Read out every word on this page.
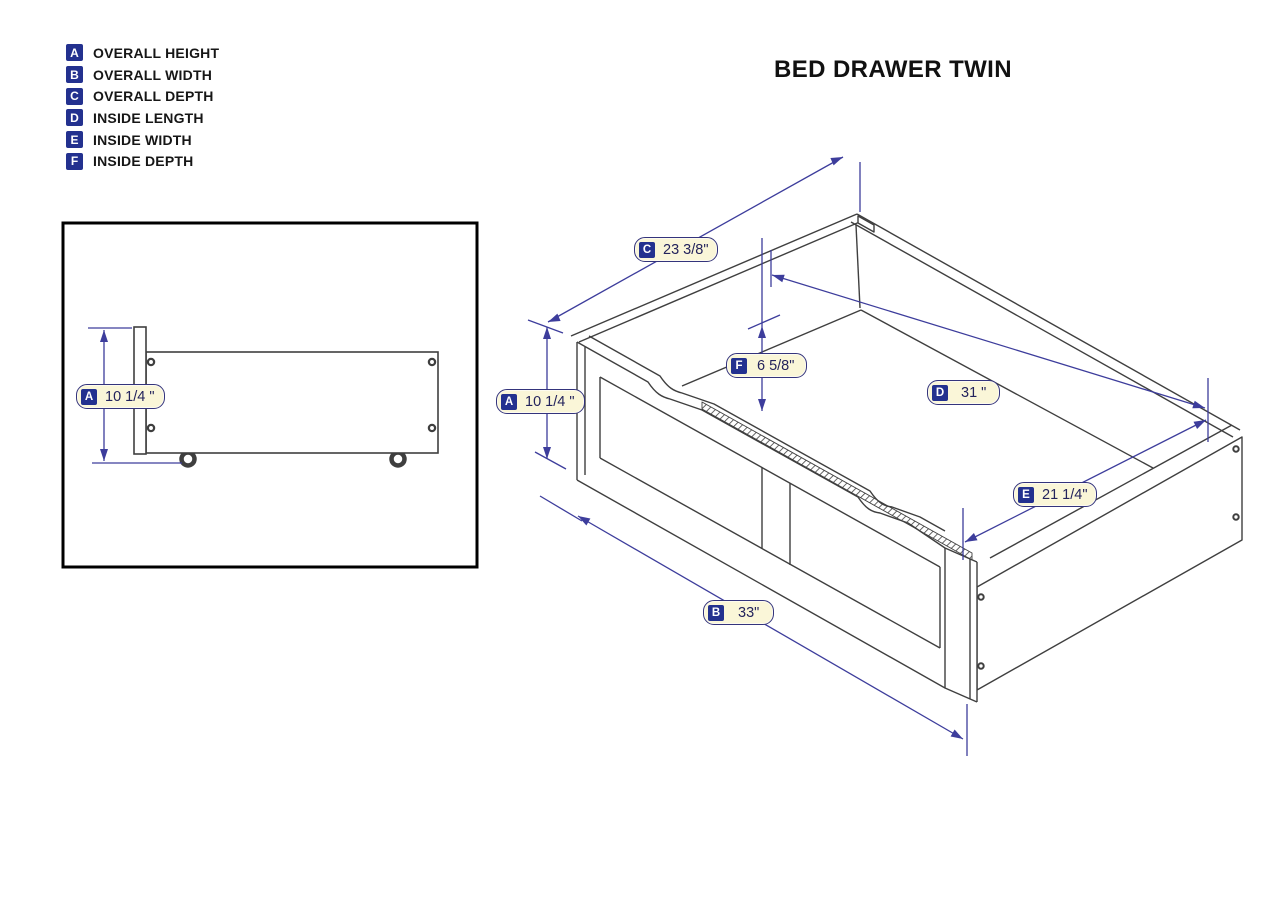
BED DRAWER TWIN
A OVERALL HEIGHT
B OVERALL WIDTH
C OVERALL DEPTH
D INSIDE LENGTH
E	INSIDE WIDTH
F	INSIDE DEPTH
A 10 1/4 "	A 10 1/4 "
B 33"
C 23 3/8"
D 31 "
E 21 1/4"
F 6 5/8"
